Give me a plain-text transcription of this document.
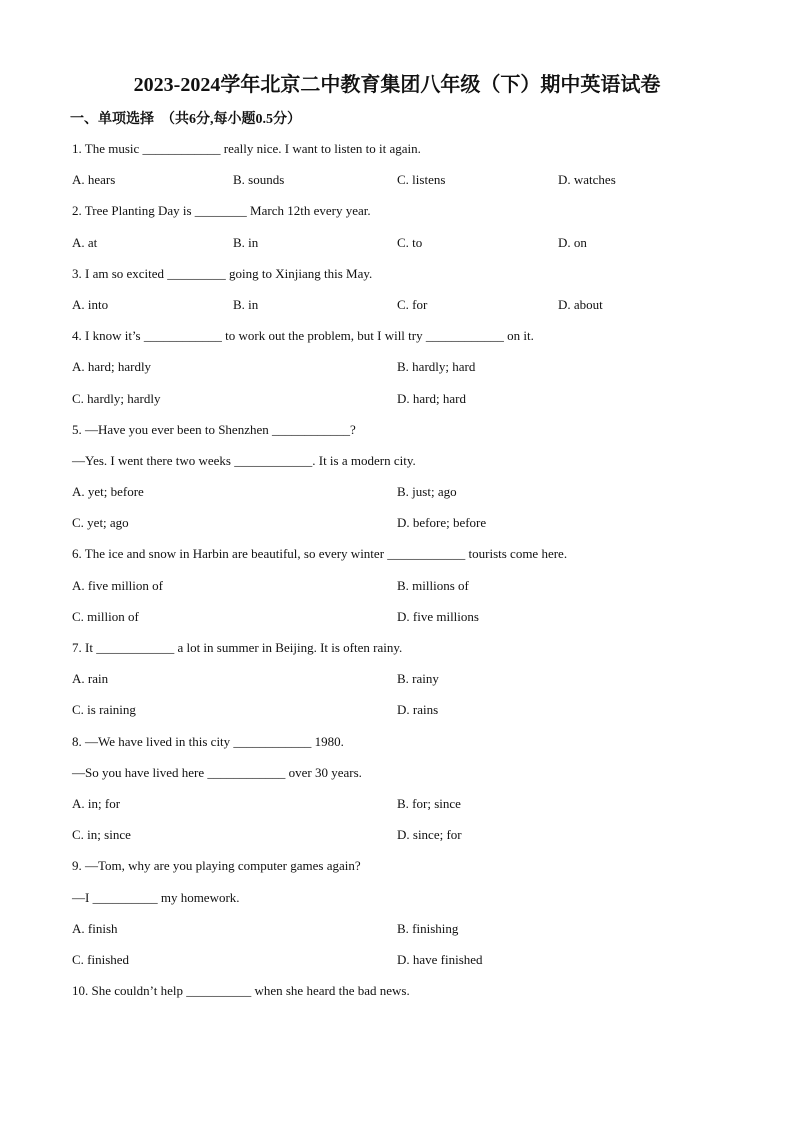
2023-2024学年北京二中教育集团八年级（下）期中英语试卷
一、单项选择　（共6分,每小题0.5分）
1. The music ____________ really nice. I want to listen to it again.
A. hears	B. sounds	C. listens	D. watches
2. Tree Planting Day is ________ March 12th every year.
A. at	B. in	C. to	D. on
3. I am so excited _________ going to Xinjiang this May.
A. into	B. in	C. for	D. about
4. I know it’s ____________ to work out the problem, but I will try ____________ on it.
A. hard; hardly	B. hardly; hard
C. hardly; hardly	D. hard; hard
5. —Have you ever been to Shenzhen ____________?
—Yes. I went there two weeks ____________. It is a modern city.
A. yet; before	B. just; ago
C. yet; ago	D. before; before
6. The ice and snow in Harbin are beautiful, so every winter ____________ tourists come here.
A. five million of	B. millions of
C. million of	D. five millions
7. It ____________ a lot in summer in Beijing. It is often rainy.
A. rain	B. rainy
C. is raining	D. rains
8. —We have lived in this city ____________ 1980.
—So you have lived here ____________ over 30 years.
A. in; for	B. for; since
C. in; since	D. since; for
9. —Tom, why are you playing computer games again?
—I __________ my homework.
A. finish	B. finishing
C. finished	D. have finished
10. She couldn’t help __________ when she heard the bad news.
